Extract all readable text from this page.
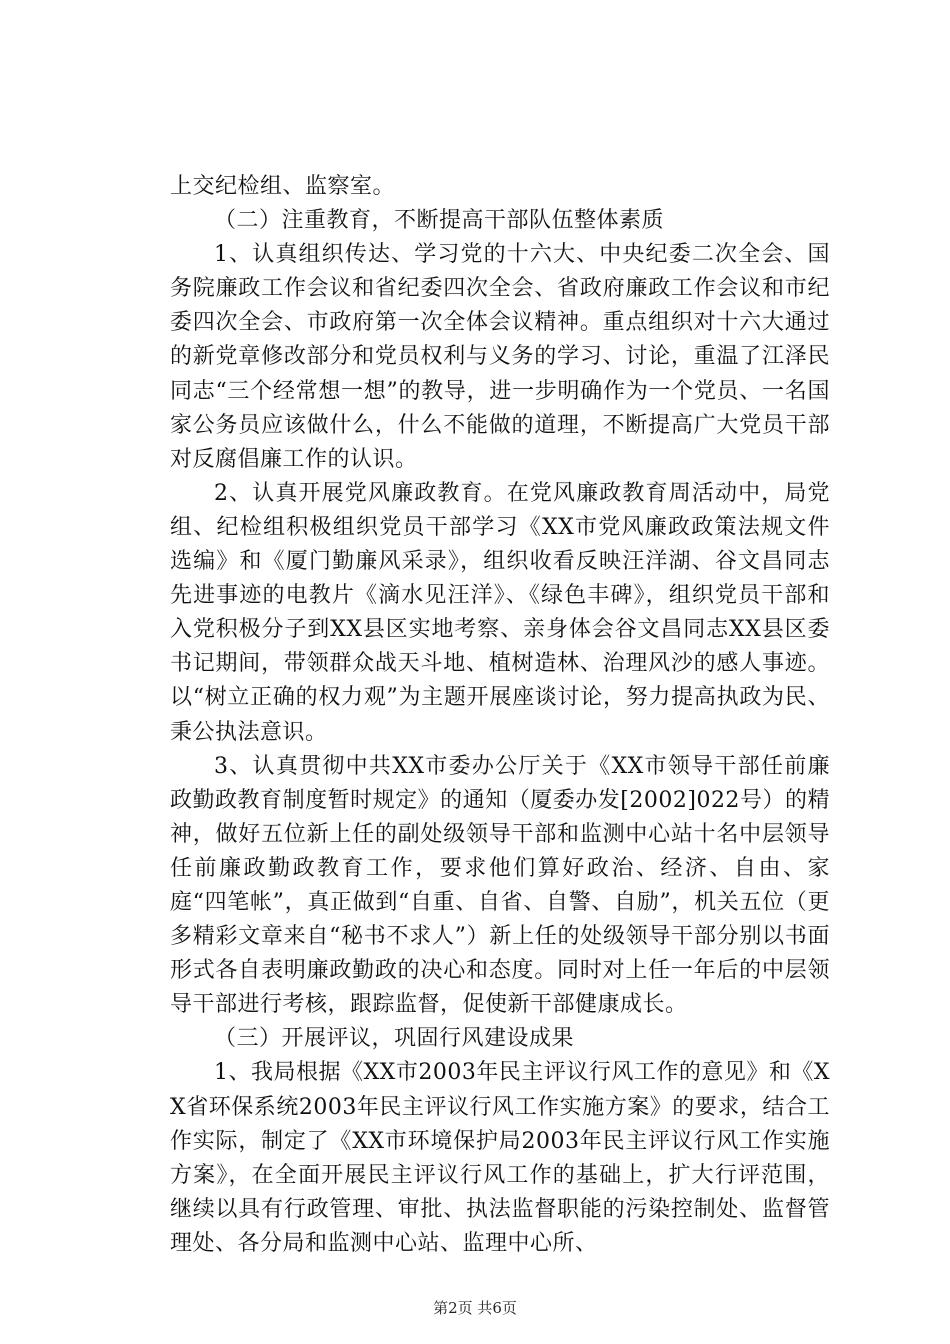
上交纪检组、监察室。

（二）注重教育，不断提高干部队伍整体素质

1、认真组织传达、学习党的十六大、中央纪委二次全会、国务院廉政工作会议和省纪委四次全会、省政府廉政工作会议和市纪委四次全会、市政府第一次全体会议精神。重点组织对十六大通过的新党章修改部分和党员权利与义务的学习、讨论，重温了江泽民同志“三个经常想一想”的教导，进一步明确作为一个党员、一名国家公务员应该做什么，什么不能做的道理，不断提高广大党员干部对反腐倡廉工作的认识。

2、认真开展党风廉政教育。在党风廉政教育周活动中，局党组、纪检组积极组织党员干部学习《XX市党风廉政政策法规文件选编》和《厦门勤廉风采录》，组织收看反映汪洋湖、谷文昌同志先进事迹的电教片《滴水见汪洋》、《绿色丰碑》，组织党员干部和入党积极分子到XX县区实地考察、亲身体会谷文昌同志XX县区委书记期间，带领群众战天斗地、植树造林、治理风沙的感人事迹。以“树立正确的权力观”为主题开展座谈讨论，努力提高执政为民、秉公执法意识。

3、认真贯彻中共XX市委办公厅关于《XX市领导干部任前廉政勤政教育制度暂时规定》的通知（厦委办发[2002]022号）的精神，做好五位新上任的副处级领导干部和监测中心站十名中层领导任前廉政勤政教育工作，要求他们算好政治、经济、自由、家庭“四笔帐”，真正做到“自重、自省、自警、自励”，机关五位（更多精彩文章来自“秘书不求人”）新上任的处级领导干部分别以书面形式各自表明廉政勤政的决心和态度。同时对上任一年后的中层领导干部进行考核，跟踪监督，促使新干部健康成长。

（三）开展评议，巩固行风建设成果

1、我局根据《XX市2003年民主评议行风工作的意见》和《XX省环保系统2003年民主评议行风工作实施方案》的要求，结合工作实际，制定了《XX市环境保护局2003年民主评议行风工作实施方案》，在全面开展民主评议行风工作的基础上，扩大行评范围，继续以具有行政管理、审批、执法监督职能的污染控制处、监督管理处、各分局和监测中心站、监理中心所、

第2页 共6页
